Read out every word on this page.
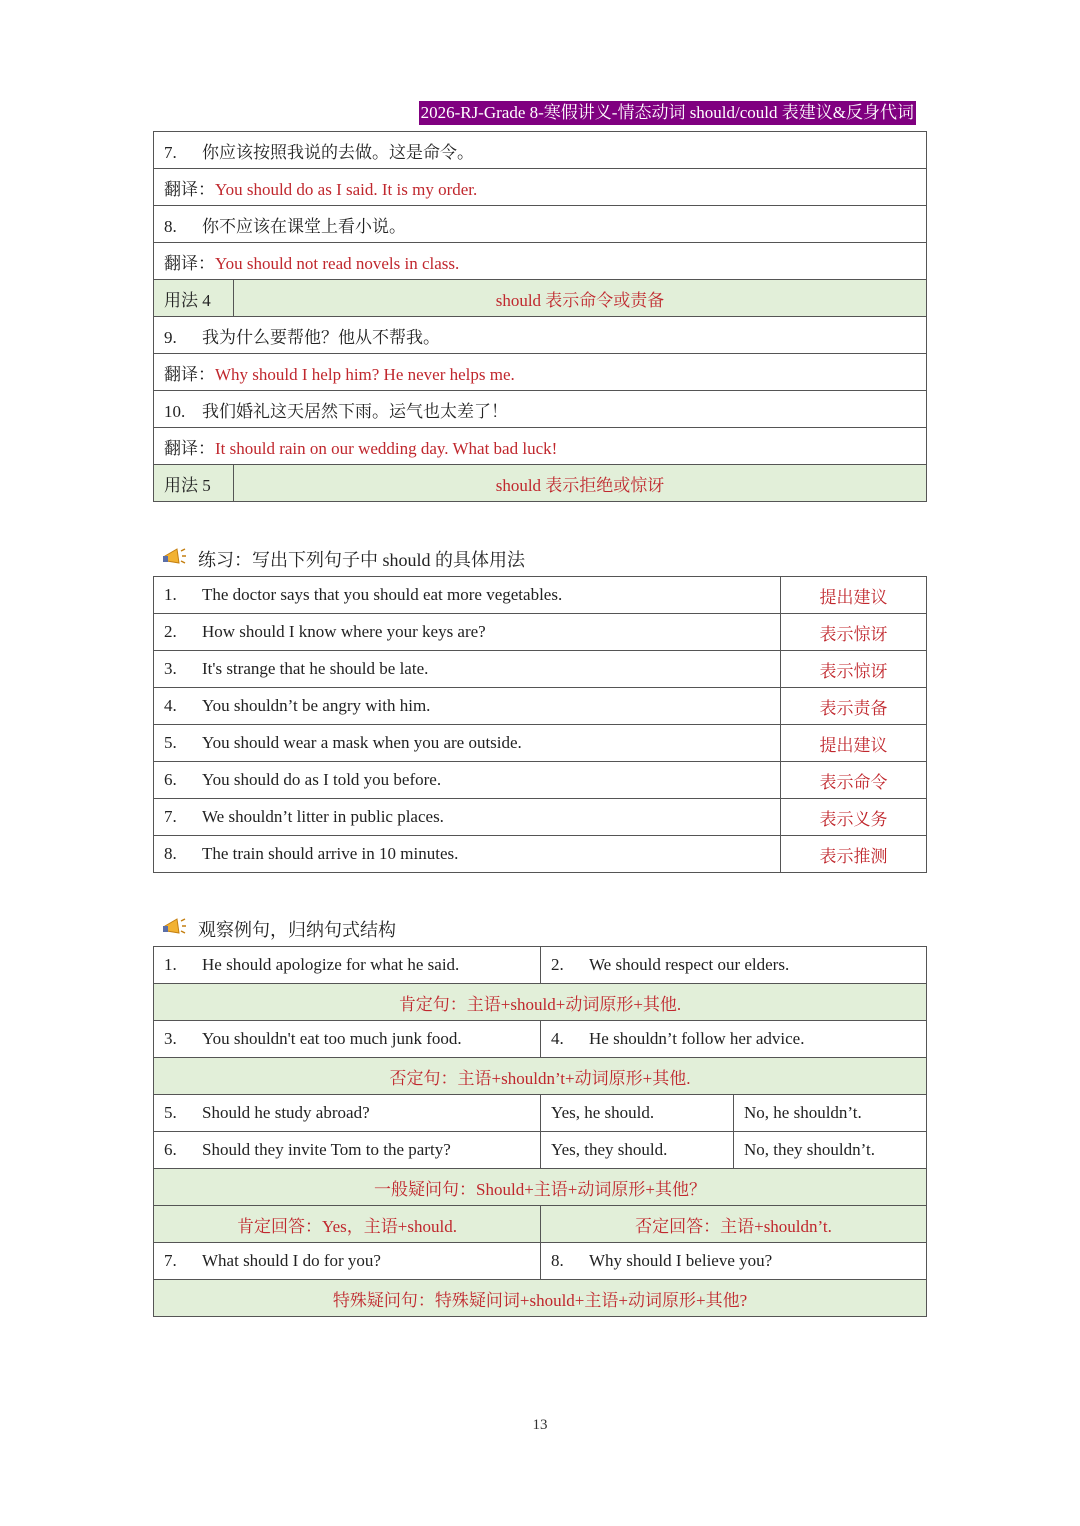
2026-RJ-Grade 8-寒假讲义-情态动词 should/could 表建议&反身代词
7. 你应该按照我说的去做。这是命令。	
翻译：You should do as I said. It is my order.	
8. 你不应该在课堂上看小说。	
翻译：You should not read novels in class.	
用法 4	should 表示命令或责备
9. 我为什么要帮他？他从不帮我。	
翻译：Why should I help him? He never helps me.	
10. 我们婚礼这天居然下雨。运气也太差了！	
翻译：It should rain on our wedding day. What bad luck!	
用法 5	should 表示拒绝或惊讶
练习：写出下列句子中 should 的具体用法
1. The doctor says that you should eat more vegetables.	提出建议
2. How should I know where your keys are?	表示惊讶
3. It's strange that he should be late.	表示惊讶
4. You shouldn’t be angry with him.	表示责备
5. You should wear a mask when you are outside.	提出建议
6. You should do as I told you before.	表示命令
7. We shouldn’t litter in public places.	表示义务
8. The train should arrive in 10 minutes.	表示推测
观察例句，归纳句式结构
1. He should apologize for what he said.	2. We should respect our elders.	
肯定句：主语+should+动词原形+其他.		
3. You shouldn't eat too much junk food.	4. He shouldn’t follow her advice.	
否定句：主语+shouldn’t+动词原形+其他.		
5. Should he study abroad?	Yes, he should.	No, he shouldn’t.
6. Should they invite Tom to the party?	Yes, they should.	No, they shouldn’t.
一般疑问句：Should+主语+动词原形+其他？		
肯定回答：Yes，主语+should.	否定回答：主语+shouldn’t.	
7. What should I do for you?	8. Why should I believe you?	
特殊疑问句：特殊疑问词+should+主语+动词原形+其他?		
13
